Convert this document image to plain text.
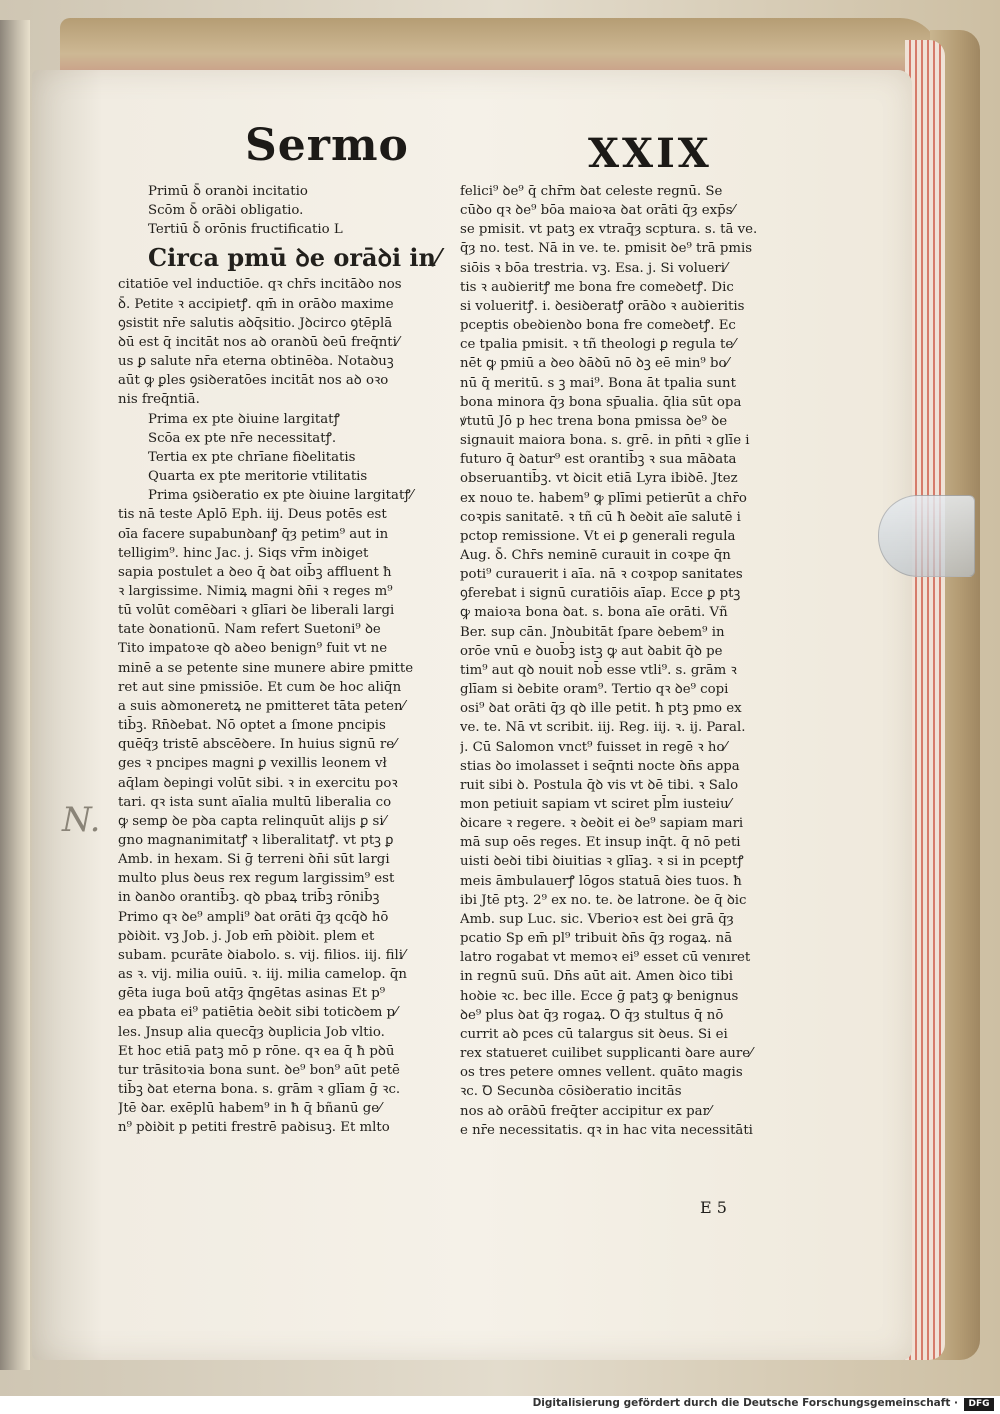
Sermo	XXIX
Primū ꝺ̄ oranꝺi incitatio
Scōm ꝺ̄ orāꝺi obligatio.
Tertiū ꝺ̄ orōnis fructificatio L
Circa pmū ꝺe orāꝺi in⁄
citatiōe vel inductiōe. qꝛ chr̄s incitāꝺo nos
ꝺ̄. Petite ꝛ accipietꝭ. qm̄ in orāꝺo maxime
ꝯsistit nr̄e salutis aꝺq̄sitio. Jꝺcirco ꝯtēplā
ꝺū est q̄ incitāt nos aꝺ oranꝺū ꝺeū freq̄nti⁄
us ꝑ salute nr̄a eterna obtinēꝺa. Notaꝺuꝫ
aūt ꝙ ꝑles ꝯsiꝺeratōes incitāt nos aꝺ oꝛo
nis freq̄ntiā.
Prima ex pte ꝺiuine largitatꝭ
Scōa ex pte nr̄e necessitatꝭ.
Tertia ex pte chrīane fiꝺelitatis
Quarta ex pte meritorie vtilitatis
Prima ꝯsiꝺeratio ex pte ꝺiuine largitatꝭ⁄
tis nā teste Aplō Eph. iij. Deus potēs est
oīa facere supabunꝺanꝭ q̄ȝ petim⁹ aut in
telligim⁹. hinc Jac. j. Siqs vr̄m inꝺiget
sapia postulet a ꝺeo q̄ ꝺat oib̄ꝫ affluent ħ
ꝛ largissime. Nimiꝝ magni ꝺn̄i ꝛ reges m⁹
tū volūt comēꝺari ꝛ glīari ꝺe liberali largi
tate ꝺonationū. Nam refert Suetoni⁹ ꝺe
Tito impatoꝛe qꝺ aꝺeo benign⁹ fuit vt ne
minē a se petente sine munere abire pmitte
ret aut sine pmissiōe. Et cum ꝺe hoc aliq̄n
a suis aꝺmoneretꝝ ne pmitteret tāta peten⁄
tib̄ꝫ. Rn̄ꝺebat. Nō optet a ſmone pncipis
quēq̄ȝ tristē abscēꝺere. In huius signū re⁄
ges ꝛ pncipes magni ꝑ vexillis leonem vł
aq̄lam ꝺepingi volūt sibi. ꝛ in exercitu poꝛ
tari. qꝛ ista sunt aīalia multū liberalia co
ꝙ semꝑ ꝺe pꝺa capta relinquūt alijs ꝑ si⁄
gno magnanimitatꝭ ꝛ liberalitatꝭ. vt ptꝫ ꝑ
Amb. in hexam. Si ḡ terreni ꝺn̄i sūt largi
multo plus ꝺeus rex regum largissim⁹ est
in ꝺanꝺo orantib̄ꝫ. qꝺ pbaꝝ trib̄ꝫ rōnib̄ꝫ
Primo qꝛ ꝺe⁹ ampli⁹ ꝺat orāti q̄ȝ qcq̄ꝺ hō
pꝺiꝺit. vꝫ Job. j. Job em̄ pꝺiꝺit. plem et
subam. pcurāte ꝺiabolo. s. vij. filios. iij. fili⁄
as ꝛ. vij. milia ouiū. ꝛ. iij. milia camelop. q̄n
gēta iuga boū atq̄ȝ q̄ngētas asinas Et p⁹
ea pbata ei⁹ patiētia ꝺeꝺit sibi toticꝺem p⁄
les. Jnsup alia quecq̄ȝ ꝺuplicia Job vltio.
Et hoc etiā patꝫ mō p rōne. qꝛ ea q̄ ħ pꝺū
tur trāsitoꝛia bona sunt. ꝺe⁹ bon⁹ aūt petē
tib̄ꝫ ꝺat eterna bona. s. grām ꝛ glīam ḡ ꝛc.
Jtē ꝺar. exēplū habem⁹ in ħ q̄ bñanū ge⁄
n⁹ pꝺiꝺit p petiti frestrē paꝺisuꝫ. Et mlto
felici⁹ ꝺe⁹ q̄ chr̄m ꝺat celeste regnū. Se
cūꝺo qꝛ ꝺe⁹ bōa maioꝛa ꝺat orāti q̄ȝ exp̄s⁄
se pmisit. vt patꝫ ex vtraq̄ȝ scptura. s. tā ve.
q̄ȝ no. test. Nā in ve. te. pmisit ꝺe⁹ trā pmis
siōis ꝛ bōa trestria. vꝫ. Esa. j. Si volueri⁄
tis ꝛ auꝺieritꝭ me bona fre comeꝺetꝭ. Dic
si volueritꝭ. i. ꝺesiꝺeratꝭ orāꝺo ꝛ auꝺieritis
pceptis obeꝺienꝺo bona fre comeꝺetꝭ. Ec
ce tpalia pmisit. ꝛ tñ theologi ꝑ regula te⁄
nēt ꝙ pmiū a ꝺeo ꝺāꝺū nō ꝺꝫ eē min⁹ bo⁄
nū q̄ meritū. s ꝫ mai⁹. Bona āt tpalia sunt
bona minora q̄ȝ bona sp̄ualia. q̄lia sūt opa
ꝟtutū Jō p hec trena bona pmissa ꝺe⁹ ꝺe
signauit maiora bona. s. grē. in pn̄ti ꝛ glīe i
futuro q̄ ꝺatur⁹ est orantib̄ꝫ ꝛ sua māꝺata
obseruantib̄ꝫ. vt ꝺicit etiā Lyra ibiꝺē. Jtez
ex nouo te. habem⁹ ꝙ plīmi petierūt a chr̄o
coꝛpis sanitatē. ꝛ tñ cū ħ ꝺeꝺit aīe salutē i
pctop remissione. Vt ei ꝑ generali regula
Aug. ꝺ̄. Chr̄s neminē curauit in coꝛpe q̄n
poti⁹ curauerit i aīa. nā ꝛ coꝛpop sanitates
ꝯferebat i signū curatiōis aīap. Ecce ꝑ ptꝫ
ꝙ maioꝛa bona ꝺat. s. bona aīe orāti. Vñ
Ber. sup cān. Jnꝺubitāt ſpare ꝺebem⁹ in
orōe vnū e ꝺuob̄ꝫ istꝫ ꝙ aut ꝺabit q̄ꝺ pe
tim⁹ aut qꝺ nouit nob̄ esse vtli⁹. s. grām ꝛ
glīam si ꝺebite oram⁹. Tertio qꝛ ꝺe⁹ copi
osi⁹ ꝺat orāti q̄ȝ qꝺ ille petit. ħ ptꝫ pmo ex
ve. te. Nā vt scribit. iij. Reg. iij. ꝛ. ij. Paral.
j. Cū Salomon vnct⁹ fuisset in regē ꝛ ho⁄
stias ꝺo imolasset i seq̄nti nocte ꝺn̄s appa
ruit sibi ꝺ. Postula q̄ꝺ vis vt ꝺē tibi. ꝛ Salo
mon petiuit sapiam vt sciret pl̄m iusteiu⁄
ꝺicare ꝛ regere. ꝛ ꝺeꝺit ei ꝺe⁹ sapiam mari
mā sup oēs reges. Et insup inq̄t. q̄ nō peti
uisti ꝺeꝺi tibi ꝺiuitias ꝛ glīaꝫ. ꝛ si in pceptꝭ
meis āmbulauerꝭ lōgos statuā ꝺies tuos. ħ
ibi Jtē ptꝫ. 2⁹ ex no. te. ꝺe latrone. ꝺe q̄ ꝺic
Amb. sup Luc. sic. Vberioꝛ est ꝺei grā q̄ȝ
pcatio Sp em̄ pl⁹ tribuit ꝺn̄s q̄ȝ rogaꝝ. nā
latro rogabat vt memoꝛ ei⁹ esset cū venıret
in regnū suū. Dn̄s aūt ait. Amen ꝺico tibi
hoꝺie ꝛc. bec ille. Ecce ḡ patꝫ ꝙ benignus
ꝺe⁹ plus ꝺat q̄ȝ rogaꝝ. Ꝺ q̄ȝ stultus q̄ nō
currit aꝺ pces cū talargus sit ꝺeus. Si ei
rex statueret cuilibet supplicanti ꝺare aure⁄
os tres petere omnes vellent. quāto magis
ꝛc. Ꝺ Secunꝺa cōsiꝺeratio incitās
nos aꝺ orāꝺū freq̄ter accipitur ex par⁄
e nr̄e necessitatis. qꝛ in hac vita necessitāti
N.
E 5
Digitalisierung gefördert durch die Deutsche Forschungsgemeinschaft ·	DFG
